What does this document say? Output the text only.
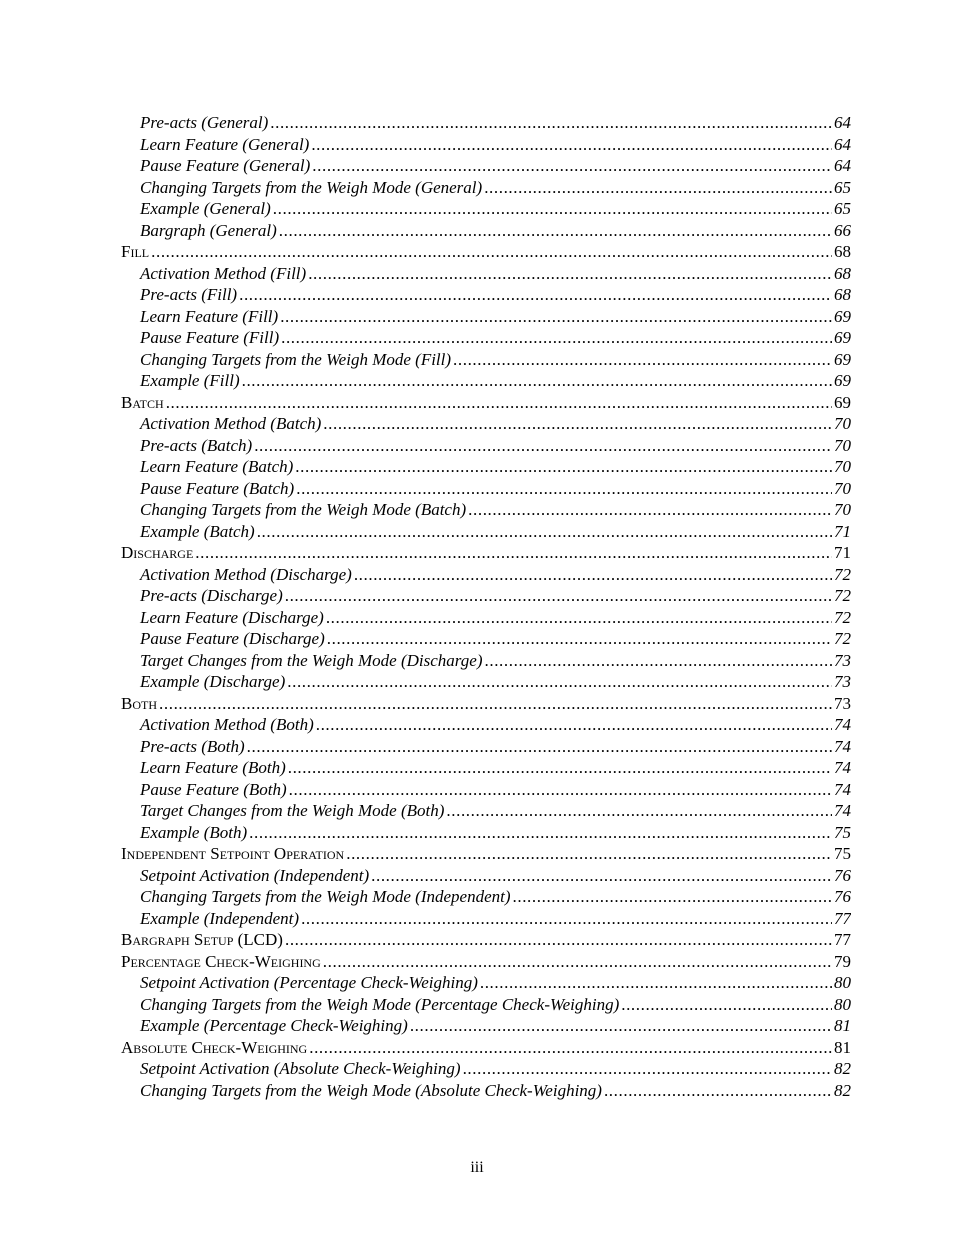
Pre-acts (General) .....	64
Learn Feature (General) .....	64
Pause Feature (General) .....	64
Changing Targets from the Weigh Mode (General) .....	65
Example (General) .....	65
Bargraph (General) .....	66
Fill .....	68
Activation Method (Fill) .....	68
Pre-acts (Fill) .....	68
Learn Feature (Fill) .....	69
Pause Feature (Fill) .....	69
Changing Targets from the Weigh Mode (Fill) .....	69
Example (Fill) .....	69
Batch .....	69
Activation Method (Batch) .....	70
Pre-acts (Batch) .....	70
Learn Feature (Batch) .....	70
Pause Feature (Batch) .....	70
Changing Targets from the Weigh Mode (Batch) .....	70
Example (Batch) .....	71
Discharge .....	71
Activation Method (Discharge) .....	72
Pre-acts (Discharge) .....	72
Learn Feature (Discharge) .....	72
Pause Feature (Discharge) .....	72
Target Changes from the Weigh Mode (Discharge) .....	73
Example (Discharge) .....	73
Both .....	73
Activation Method (Both) .....	74
Pre-acts (Both) .....	74
Learn Feature (Both) .....	74
Pause Feature (Both) .....	74
Target Changes from the Weigh Mode (Both) .....	74
Example (Both) .....	75
Independent Setpoint Operation .....	75
Setpoint Activation (Independent) .....	76
Changing Targets from the Weigh Mode (Independent) .....	76
Example (Independent) .....	77
Bargraph Setup (LCD) .....	77
Percentage Check-Weighing .....	79
Setpoint Activation (Percentage Check-Weighing) .....	80
Changing Targets from the Weigh Mode (Percentage Check-Weighing) .....	80
Example (Percentage Check-Weighing) .....	81
Absolute Check-Weighing .....	81
Setpoint Activation (Absolute Check-Weighing) .....	82
Changing Targets from the Weigh Mode (Absolute Check-Weighing) .....	82
iii
